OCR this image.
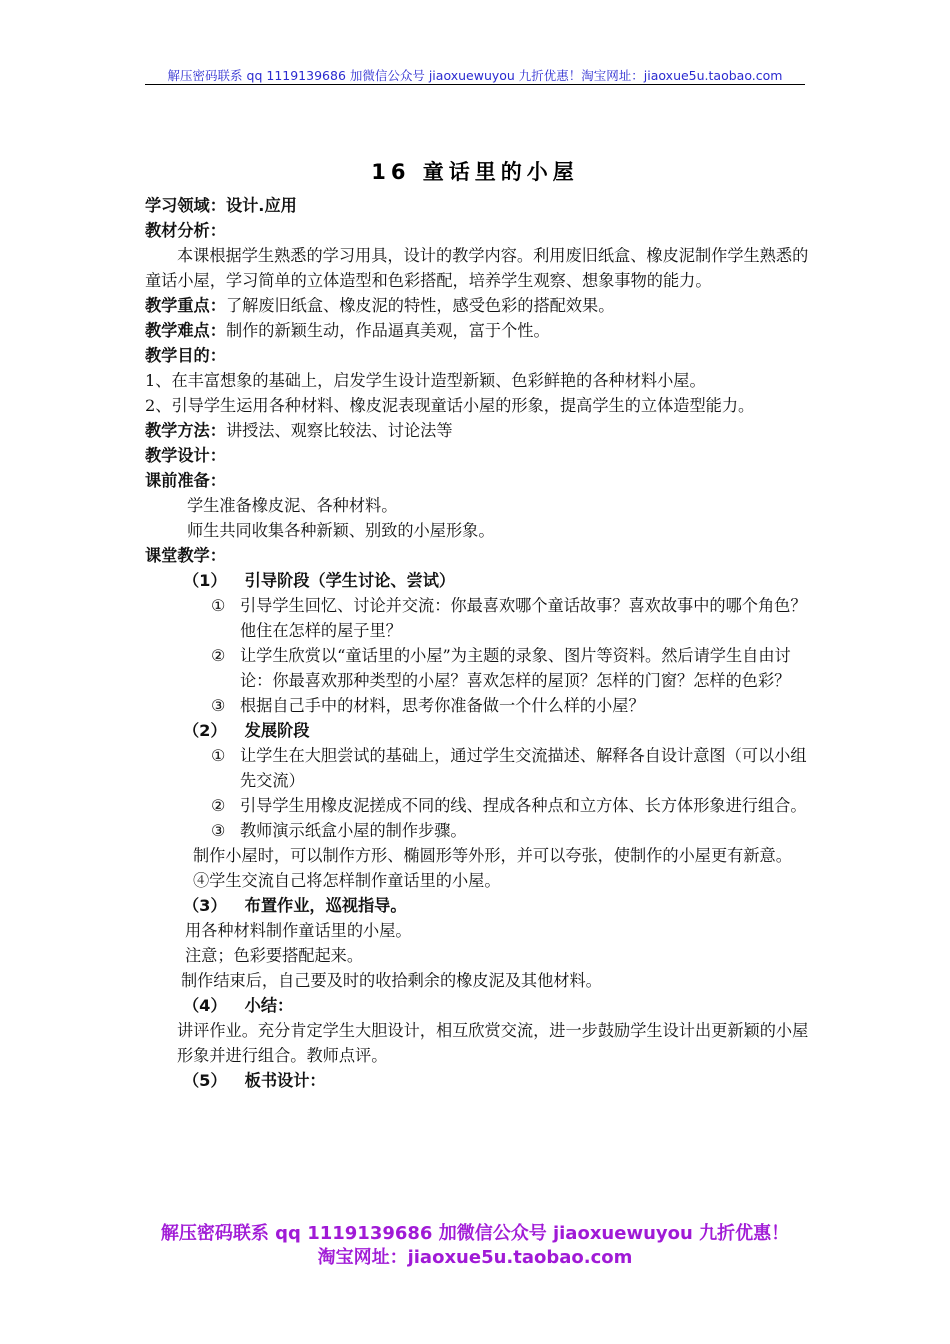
解压密码联系 qq 1119139686 加微信公众号 jiaoxuewuyou 九折优惠！淘宝网址：jiaoxue5u.taobao.com
16 童话里的小屋
学习领域：设计.应用
教材分析：
本课根据学生熟悉的学习用具，设计的教学内容。利用废旧纸盒、橡皮泥制作学生熟悉的童话小屋，学习简单的立体造型和色彩搭配，培养学生观察、想象事物的能力。
教学重点：了解废旧纸盒、橡皮泥的特性，感受色彩的搭配效果。
教学难点：制作的新颖生动，作品逼真美观，富于个性。
教学目的：
1、在丰富想象的基础上，启发学生设计造型新颖、色彩鲜艳的各种材料小屋。
2、引导学生运用各种材料、橡皮泥表现童话小屋的形象，提高学生的立体造型能力。
教学方法：讲授法、观察比较法、讨论法等
教学设计：
课前准备：
学生准备橡皮泥、各种材料。
师生共同收集各种新颖、别致的小屋形象。
课堂教学：
（1） 引导阶段（学生讨论、尝试）
① 引导学生回忆、讨论并交流：你最喜欢哪个童话故事？喜欢故事中的哪个角色？他住在怎样的屋子里？
② 让学生欣赏以“童话里的小屋”为主题的录象、图片等资料。然后请学生自由讨论：你最喜欢那种类型的小屋？喜欢怎样的屋顶？怎样的门窗？怎样的色彩？
③ 根据自己手中的材料，思考你准备做一个什么样的小屋？
（2） 发展阶段
① 让学生在大胆尝试的基础上，通过学生交流描述、解释各自设计意图（可以小组先交流）
② 引导学生用橡皮泥搓成不同的线、捏成各种点和立方体、长方体形象进行组合。
③ 教师演示纸盒小屋的制作步骤。
制作小屋时，可以制作方形、椭圆形等外形，并可以夸张，使制作的小屋更有新意。
④学生交流自己将怎样制作童话里的小屋。
（3） 布置作业，巡视指导。
用各种材料制作童话里的小屋。
注意；色彩要搭配起来。
制作结束后，自己要及时的收拾剩余的橡皮泥及其他材料。
（4） 小结：
讲评作业。充分肯定学生大胆设计，相互欣赏交流，进一步鼓励学生设计出更新颖的小屋形象并进行组合。教师点评。
（5） 板书设计：
解压密码联系 qq 1119139686 加微信公众号 jiaoxuewuyou 九折优惠！
淘宝网址：jiaoxue5u.taobao.com
